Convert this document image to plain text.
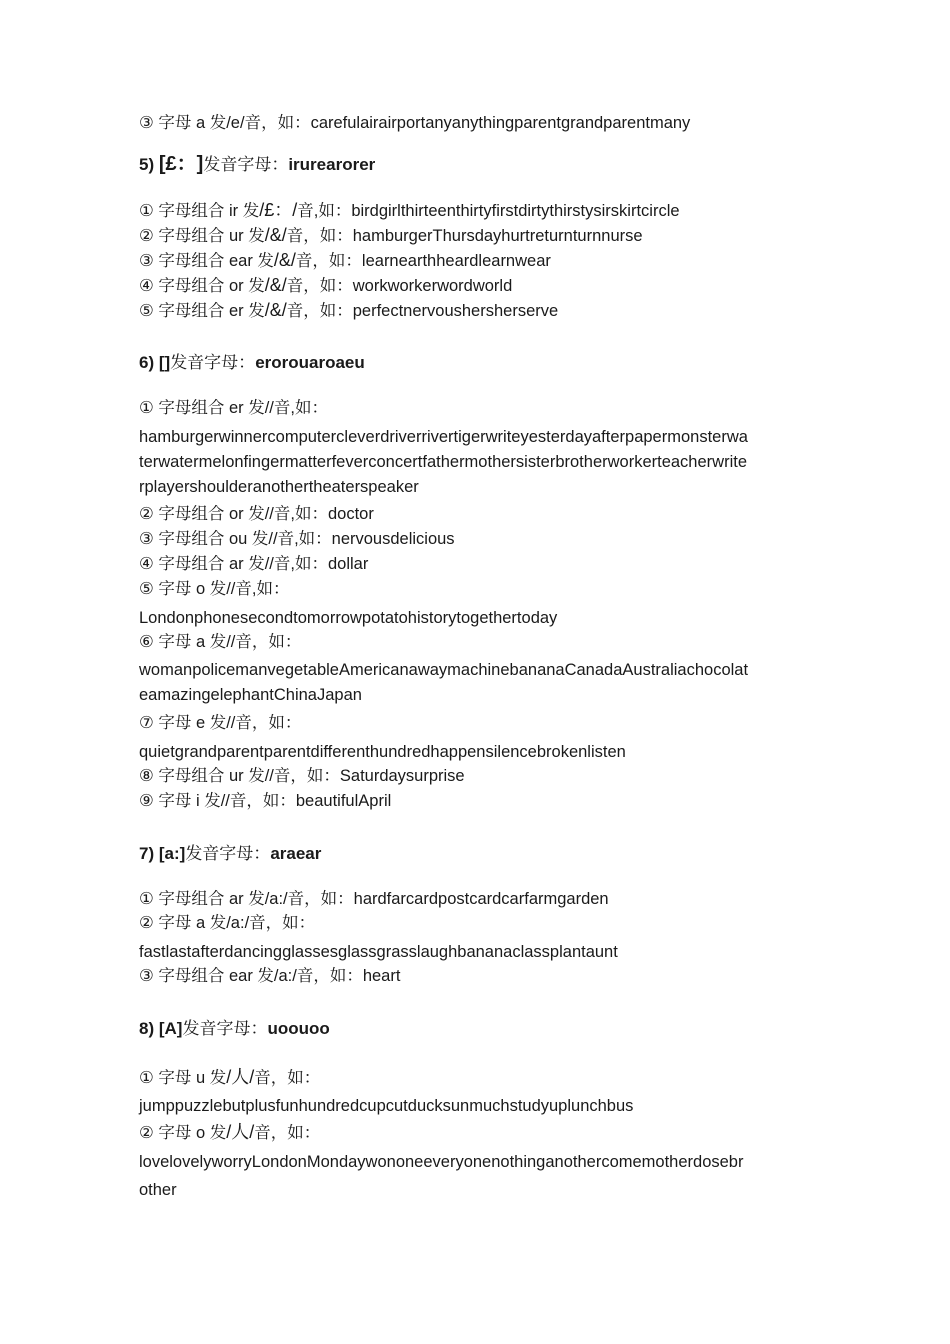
③ 字母 a 发/e/音，如：carefulairairportanyanythingparentgrandparentmany
5) [£： ]发音字母：irurearorer
① 字母组合 ir 发/£：/音,如：birdgirlthirteenthirtyfirstdirtythirstysirskirtcircle
② 字母组合 ur 发/&/音，如：hamburgerThursdayhurtreturnturnnurse
③ 字母组合 ear 发/&/音，如：learnearthheardlearnwear
④ 字母组合 or 发/&/音，如：workworkerwordworld
⑤ 字母组合 er 发/&/音，如：perfectnervoushersherserve
6) []发音字母：erorouaroaeu
① 字母组合 er 发//音,如：
hamburgerwinnercomputercleverdriverrivertigerwriteyesterdayafterpapermonsterwa
terwatermelonfingermatterfeverconcertfathermothersisterbrotherworkerteacherwrite
rplayershoulderanothertheaterspeaker
② 字母组合 or 发//音,如：doctor
③ 字母组合 ou 发//音,如：nervousdelicious
④ 字母组合 ar 发//音,如：dollar
⑤ 字母 o 发//音,如：
Londonphonesecondtomorrowpotatohistorytogethertoday
⑥ 字母 a 发//音，如：
womanpolicemanvegetableAmericanawaymachinebananaCanadaAustraliachocolat
eamazingelephantChinaJapan
⑦ 字母 e 发//音，如：
quietgrandparentparentdifferenthundredhappensilencebrokenlisten
⑧ 字母组合 ur 发//音，如：Saturdaysurprise
⑨ 字母 i 发//音，如：beautifulApril
7) [a:]发音字母：araear
① 字母组合 ar 发/a:/音，如：hardfarcardpostcardcarfarmgarden
② 字母 a 发/a:/音，如：
fastlastafterdancingglassesglassgrasslaughbananaclassplantaunt
③ 字母组合 ear 发/a:/音，如：heart
8) [A]发音字母：uoouoo
① 字母 u 发/人/音，如：
jumppuzzlebutplusfunhundredcupcutducksunmuchstudyuplunchbus
② 字母 o 发/人/音，如：
lovelovelyworryLondonMondaywononeeveryonenothinganothercomemotherdosebr
other
